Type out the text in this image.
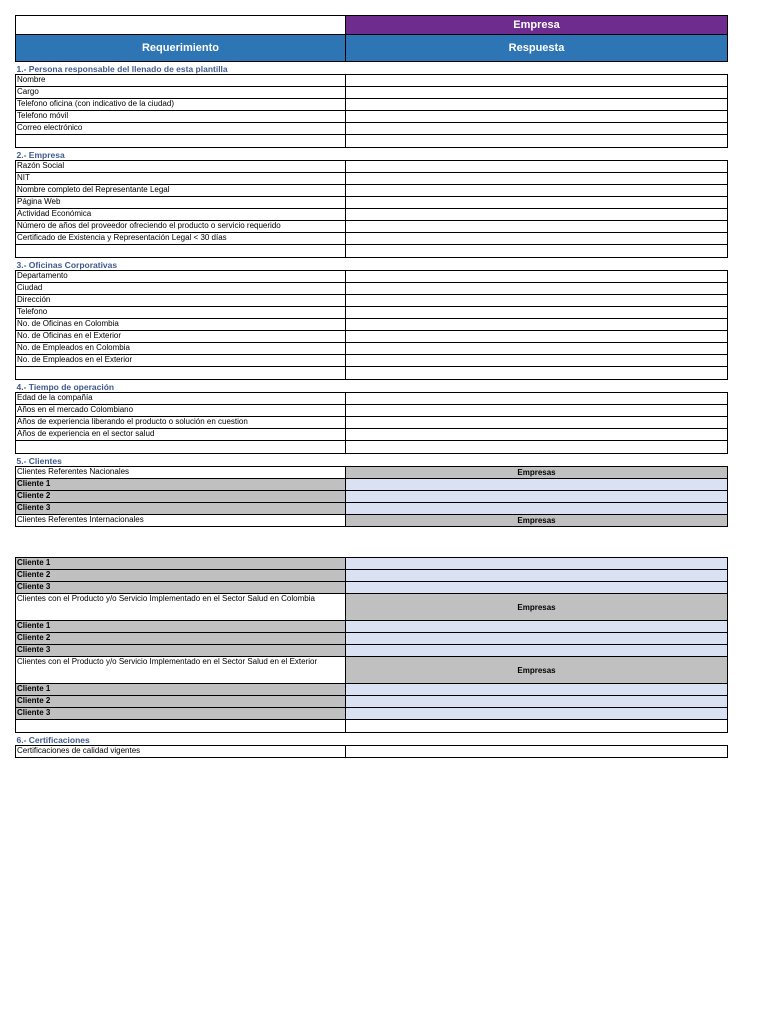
	Empresa
Requerimiento	Respuesta
1.- Persona responsable del llenado de esta plantilla	
Nombre	
Cargo	
Telefono oficina (con indicativo de la ciudad)	
Telefono móvil	
Correo electrónico	

2.- Empresa	
Razón Social	
NIT	
Nombre completo del Representante Legal	
Página Web	
Actividad Económica	
Número de años del proveedor ofreciendo el producto o servicio requerido	
Certificado de Existencia y Representación Legal < 30 días	

3.- Oficinas Corporativas	
Departamento	
Ciudad	
Dirección	
Telefono	
No. de Oficinas en Colombia	
No. de Oficinas en el Exterior	
No. de Empleados en Colombia	
No. de Empleados en el Exterior	

4.- Tiempo de operación	
Edad de la compañía	
Años en el mercado Colombiano	
Años de experiencia liberando el producto o solución en cuestion	
Años de experiencia en el sector salud	

5.- Clientes	
Clientes Referentes Nacionales	Empresas
Cliente 1	
Cliente 2	
Cliente 3	
Clientes Referentes Internacionales	Empresas

Cliente 1	
Cliente 2	
Cliente 3	
Clientes con el Producto y/o Servicio Implementado en el Sector Salud en Colombia	Empresas
Cliente 1	
Cliente 2	
Cliente 3	
Clientes con el Producto y/o Servicio Implementado en el Sector Salud en el Exterior	Empresas
Cliente 1	
Cliente 2	
Cliente 3	

6.- Certificaciones	
Certificaciones de calidad vigentes	
